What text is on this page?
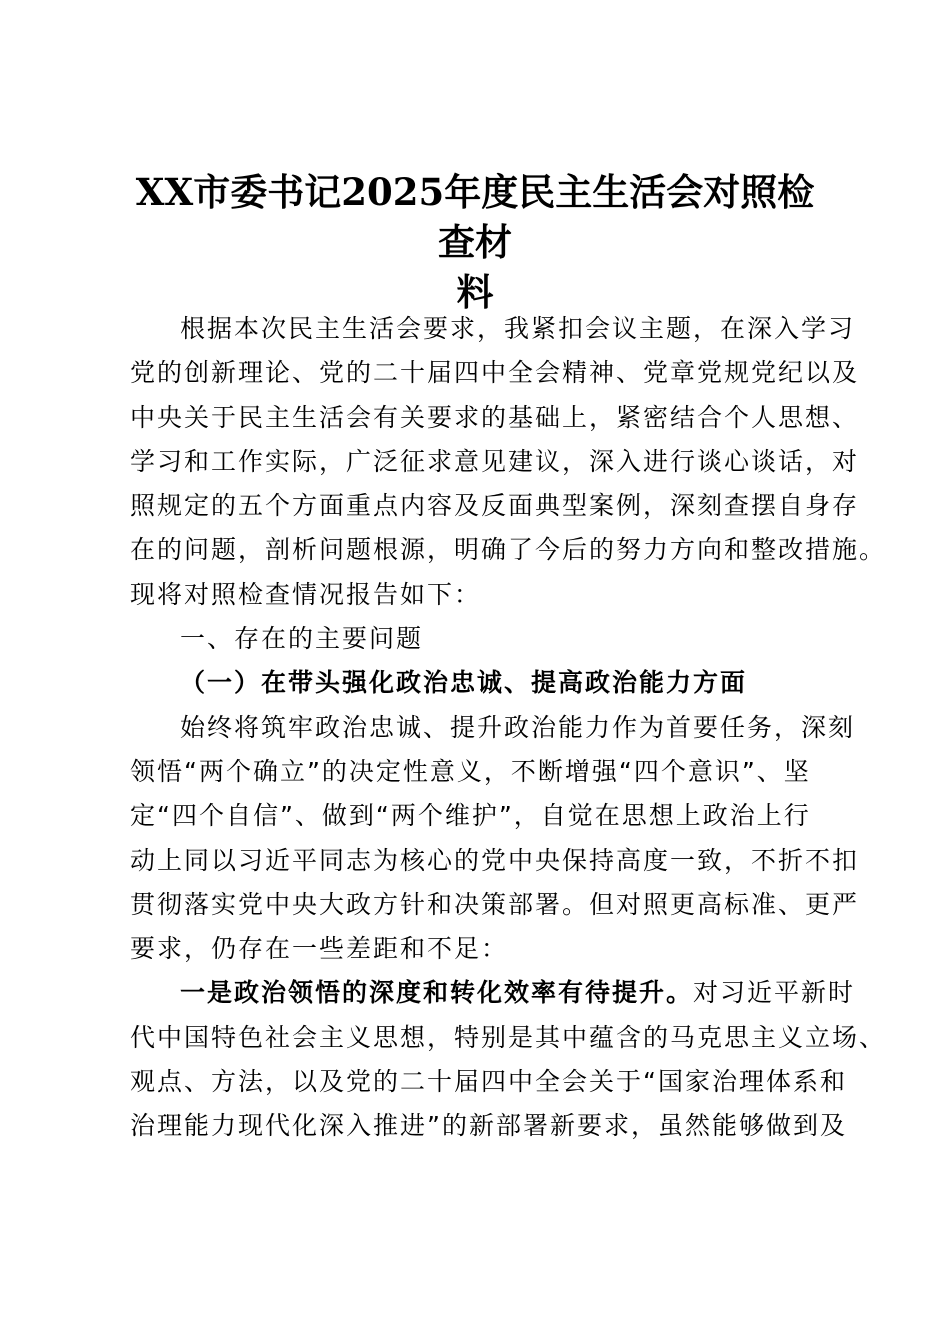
XX市委书记2025年度民主生活会对照检查材
料
根据本次民主生活会要求，我紧扣会议主题，在深入学习
党的创新理论、党的二十届四中全会精神、党章党规党纪以及
中央关于民主生活会有关要求的基础上，紧密结合个人思想、
学习和工作实际，广泛征求意见建议，深入进行谈心谈话，对
照规定的五个方面重点内容及反面典型案例，深刻查摆自身存
在的问题，剖析问题根源，明确了今后的努力方向和整改措施。
现将对照检查情况报告如下：
一、存在的主要问题
（一）在带头强化政治忠诚、提高政治能力方面
始终将筑牢政治忠诚、提升政治能力作为首要任务，深刻
领悟“两个确立”的决定性意义，不断增强“四个意识”、坚
定“四个自信”、做到“两个维护”，自觉在思想上政治上行
动上同以习近平同志为核心的党中央保持高度一致，不折不扣
贯彻落实党中央大政方针和决策部署。但对照更高标准、更严
要求，仍存在一些差距和不足：
一是政治领悟的深度和转化效率有待提升。对习近平新时
代中国特色社会主义思想，特别是其中蕴含的马克思主义立场、
观点、方法，以及党的二十届四中全会关于“国家治理体系和
治理能力现代化深入推进”的新部署新要求，虽然能够做到及
